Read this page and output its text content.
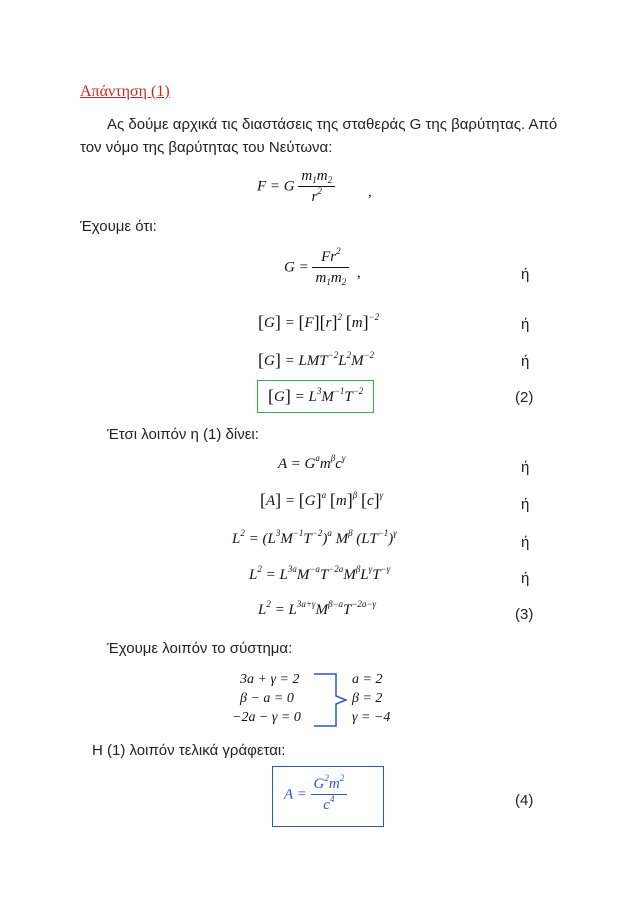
Απάντηση (1)
Ας δούμε αρχικά τις διαστάσεις της σταθεράς G της βαρύτητας. Από
τον νόμο της βαρύτητας του Νεύτωνα:
F = G $\frac{m_1m_2}{r^2}$ ,
Έχουμε ότι:
$G = \frac{Fr^2}{m_1m_2}$ ,	ή
$[G] = [F][r]^2$ $[m]^{-2}$	ή
$[G] = LMT^{-2}L^2M^{-2}$	ή
$[G] = L^3M^{-1}T^{-2}$	(2)
Έτσι λοιπόν η (1) δίνει:
$A = G^am^\beta c^\gamma$
ή
$[A] = [G]^a$ $[m]^\beta$ $[c]^\gamma$
ή
$L^2 = (L^3M^{-1}T^{-2})^a$ $M^\beta$ $(LT^{-1})^\gamma$
ή
$L^2 = L^{3a}M^{-a}T^{-2a}M^\beta L^\gamma T^{-\gamma}$
ή
$L^2 = L^{3a+\gamma}M^{\beta-a}T^{-2a-\gamma}$
(3)
Έχουμε λοιπόν το σύστημα:
3a + γ = 2
β − a = 0
−2a − γ = 0
a = 2
β = 2
γ = −4
Η (1) λοιπόν τελικά γράφεται:
$A = \frac{G^2m^2}{c^4}$	(4)
